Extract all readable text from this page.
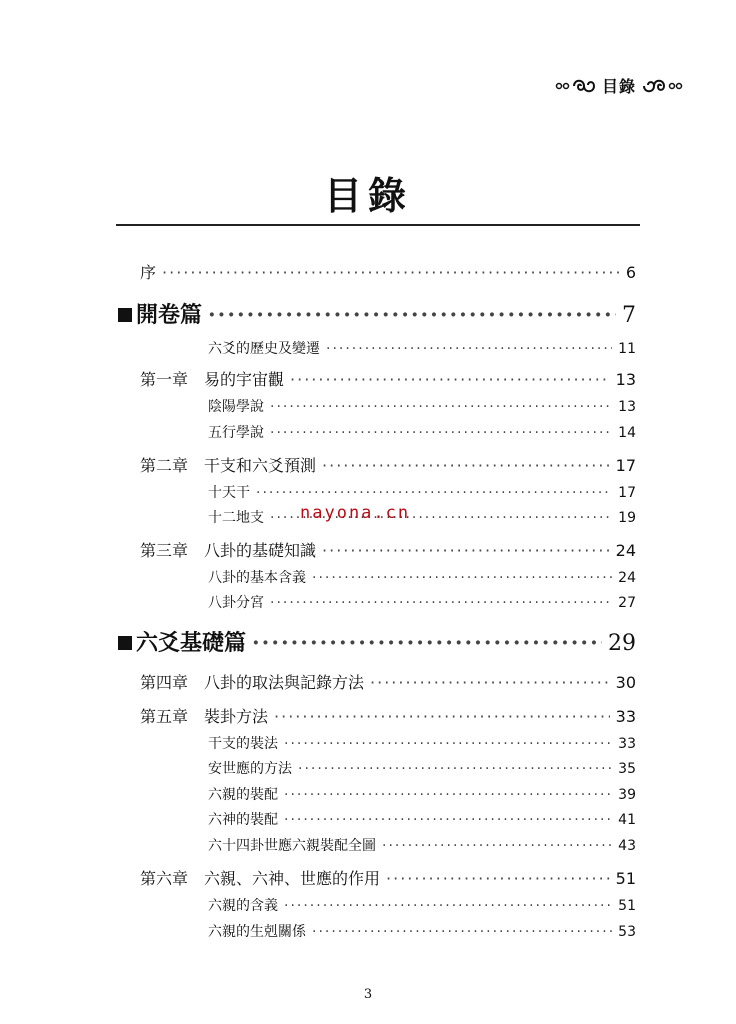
目錄
目錄
序 ·····	6
開卷篇 ·····	7
六爻的歷史及變遷 ·····	11
第一章 易的宇宙觀 ·····	13
陰陽學說 ·····	13
五行學說 ·····	14
第二章 干支和六爻預測 ·····	17
十天干 ·····	17
十二地支 ·····	19
第三章 八卦的基礎知識 ·····	24
八卦的基本含義 ·····	24
八卦分宮 ·····	27
六爻基礎篇 ·····	29
第四章 八卦的取法與記錄方法 ·····	30
第五章 裝卦方法 ·····	33
干支的裝法 ·····	33
安世應的方法 ·····	35
六親的裝配 ·····	39
六神的裝配 ·····	41
六十四卦世應六親裝配全圖 ·····	43
第六章 六親、六神、世應的作用 ·····	51
六親的含義 ·····	51
六親的生剋關係 ·····	53
nayona.cn
3
